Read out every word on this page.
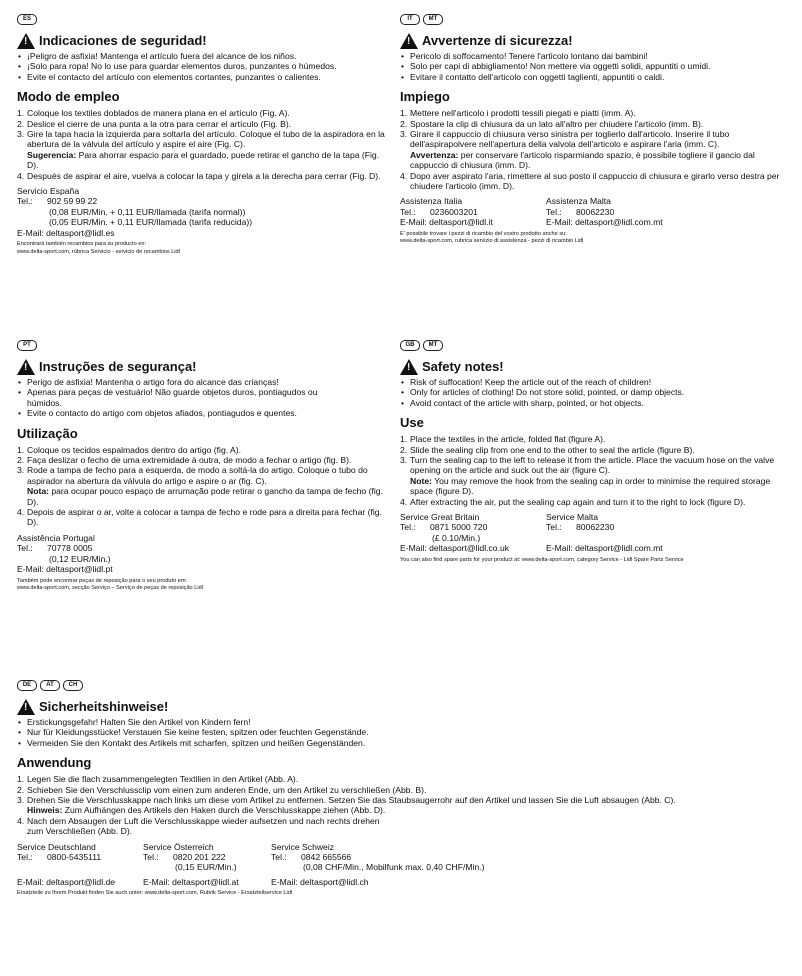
ES
!
Indicaciones de seguridad!
• ¡Peligro de asfixia! Mantenga el artículo fuera del alcance de los niños.
• ¡Solo para ropa! No lo use para guardar elementos duros, punzantes o húmedos.
• Evite el contacto del artículo con elementos cortantes, punzantes o calientes.
Modo de empleo
1. Coloque los textiles doblados de manera plana en el artículo (Fig. A).
2. Deslice el cierre de una punta a la otra para cerrar el artículo (Fig. B).
3. Gire la tapa hacia la izquierda para soltarla del artículo. Coloque el tubo de la aspiradora en la abertura de la válvula del artículo y aspire el aire (Fig. C).
Sugerencia: Para ahorrar espacio para el guardado, puede retirar el gancho de la tapa (Fig. D).
4. Después de aspirar el aire, vuelva a colocar la tapa y gírela a la derecha para cerrar (Fig. D).
Servicio España
Tel.: 902 59 99 22
(0,08 EUR/Min. + 0,11 EUR/llamada (tarifa normal))
(0,05 EUR/Min. + 0,11 EUR/llamada (tarifa reducida))
E-Mail: deltasport@lidl.es
Encontrará también recambios para su producto en:
www.delta-sport.com, rúbrica Servicio - servicio de recambios Lidl
IT	MT
!
Avvertenze di sicurezza!
• Pericolo di soffocamento! Tenere l'articolo lontano dai bambini!
• Solo per capi di abbigliamento! Non mettere via oggetti solidi, appuntiti o umidi.
• Evitare il contatto dell'articolo con oggetti taglienti, appuntiti o caldi.
Impiego
1. Mettere nell'articolo i prodotti tessili piegati e piatti (imm. A).
2. Spostare la clip di chiusura da un lato all'altro per chiudere l'articolo (imm. B).
3. Girare il cappuccio di chiusura verso sinistra per toglierlo dall'articolo. Inserire il tubo dell'aspirapolvere nell'apertura della valvola dell'articolo e aspirare l'aria (imm. C).
Avvertenza: per conservare l'articolo risparmiando spazio, è possibile togliere il gancio dal cappuccio di chiusura (imm. D).
4. Dopo aver aspirato l'aria, rimettere al suo posto il cappuccio di chiusura e girarlo verso destra per chiudere l'articolo (imm. D).
Assistenza Italia
Tel.: 0236003201
E-Mail: deltasport@lidl.it
Assistenza Malta
Tel.: 80062230
E-Mail: deltasport@lidl.com.mt
E' possibile trovare i pezzi di ricambio del vostro prodotto anche su:
www.delta-sport.com, rubrica servizio di assistenza - pezzi di ricambio Lidl
PT
!
Instruções de segurança!
• Perigo de asfixia! Mantenha o artigo fora do alcance das crianças!
• Apenas para peças de vestuário! Não guarde objetos duros, pontiagudos ou húmidos.
• Evite o contacto do artigo com objetos afiados, pontiagudos e quentes.
Utilização
1. Coloque os tecidos espalmados dentro do artigo (fig. A).
2. Faça deslizar o fecho de uma extremidade à outra, de modo a fechar o artigo (fig. B).
3. Rode a tampa de fecho para a esquerda, de modo a soltá-la do artigo. Coloque o tubo do aspirador na abertura da válvula do artigo e aspire o ar (fig. C).
Nota: para ocupar pouco espaço de arrumação pode retirar o gancho da tampa de fecho (fig. D).
4. Depois de aspirar o ar, volte a colocar a tampa de fecho e rode para a direita para fechar (fig. D).
Assistência Portugal
Tel.: 70778 0005
(0,12 EUR/Min.)
E-Mail: deltasport@lidl.pt
Também pode encontrar peças de reposição para o seu produto em:
www.delta-sport.com, secção Serviço – Serviço de peças de reposição Lidl
GB	MT
!
Safety notes!
• Risk of suffocation! Keep the article out of the reach of children!
• Only for articles of clothing! Do not store solid, pointed, or damp objects.
• Avoid contact of the article with sharp, pointed, or hot objects.
Use
1. Place the textiles in the article, folded flat (figure A).
2. Slide the sealing clip from one end to the other to seal the article (figure B).
3. Turn the sealing cap to the left to release it from the article. Place the vacuum hose on the valve opening on the article and suck out the air (figure C).
Note: You may remove the hook from the sealing cap in order to minimise the required storage space (figure D).
4. After extracting the air, put the sealing cap again and turn it to the right to lock (figure D).
Service Great Britain
Tel.: 0871 5000 720
(£ 0.10/Min.)
E-Mail: deltasport@lidl.co.uk
Service Malta
Tel.: 80062230

E-Mail: deltasport@lidl.com.mt
You can also find spare parts for your product at: www.delta-sport.com, category Service - Lidl Spare Parts Service
DE	AT	CH
!
Sicherheitshinweise!
• Erstickungsgefahr! Halten Sie den Artikel von Kindern fern!
• Nur für Kleidungsstücke! Verstauen Sie keine festen, spitzen oder feuchten Gegenstände.
• Vermeiden Sie den Kontakt des Artikels mit scharfen, spitzen und heißen Gegenständen.
Anwendung
1. Legen Sie die flach zusammengelegten Textilien in den Artikel (Abb. A).
2. Schieben Sie den Verschlussclip vom einen zum anderen Ende, um den Artikel zu verschließen (Abb. B).
3. Drehen Sie die Verschlusskappe nach links um diese vom Artikel zu entfernen. Setzen Sie das Staubsaugerrohr auf den Artikel und lassen Sie die Luft absaugen (Abb. C).
Hinweis: Zum Aufhängen des Artikels den Haken durch die Verschlusskappe ziehen (Abb. D).
4. Nach dem Absaugen der Luft die Verschlusskappe wieder aufsetzen und nach rechts drehen zum Verschließen (Abb. D).
Service Deutschland
Tel.: 0800-5435111

E-Mail: deltasport@lidl.de
Service Österreich
Tel.: 0820 201 222
(0,15 EUR/Min.)
E-Mail: deltasport@lidl.at
Service Schweiz
Tel.: 0842 665566
(0,08 CHF/Min., Mobilfunk max. 0,40 CHF/Min.)
E-Mail: deltasport@lidl.ch
Ersatzteile zu Ihrem Produkt finden Sie auch unter: www.delta-sport.com, Rubrik Service - Ersatzteilservice Lidl
